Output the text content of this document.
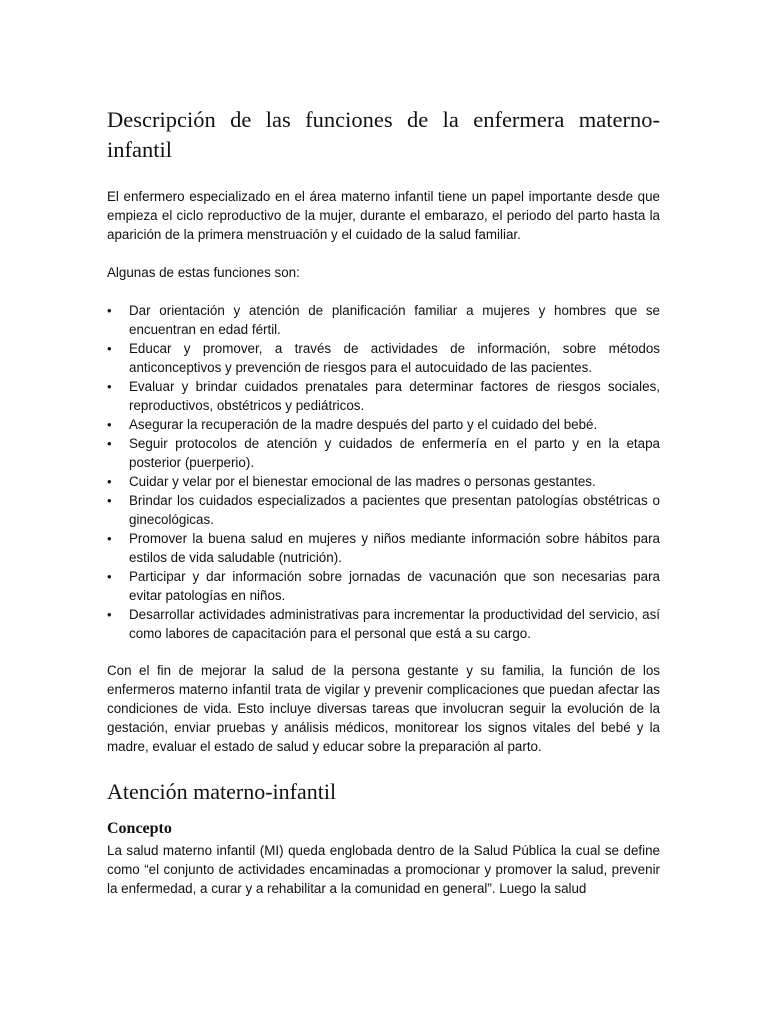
Descripción de las funciones de la enfermera materno-infantil

El enfermero especializado en el área materno infantil tiene un papel importante desde que empieza el ciclo reproductivo de la mujer, durante el embarazo, el periodo del parto hasta la aparición de la primera menstruación y el cuidado de la salud familiar.

Algunas de estas funciones son:

• Dar orientación y atención de planificación familiar a mujeres y hombres que se encuentran en edad fértil.
• Educar y promover, a través de actividades de información, sobre métodos anticonceptivos y prevención de riesgos para el autocuidado de las pacientes.
• Evaluar y brindar cuidados prenatales para determinar factores de riesgos sociales, reproductivos, obstétricos y pediátricos.
• Asegurar la recuperación de la madre después del parto y el cuidado del bebé.
• Seguir protocolos de atención y cuidados de enfermería en el parto y en la etapa posterior (puerperio).
• Cuidar y velar por el bienestar emocional de las madres o personas gestantes.
• Brindar los cuidados especializados a pacientes que presentan patologías obstétricas o ginecológicas.
• Promover la buena salud en mujeres y niños mediante información sobre hábitos para estilos de vida saludable (nutrición).
• Participar y dar información sobre jornadas de vacunación que son necesarias para evitar patologías en niños.
• Desarrollar actividades administrativas para incrementar la productividad del servicio, así como labores de capacitación para el personal que está a su cargo.

Con el fin de mejorar la salud de la persona gestante y su familia, la función de los enfermeros materno infantil trata de vigilar y prevenir complicaciones que puedan afectar las condiciones de vida. Esto incluye diversas tareas que involucran seguir la evolución de la gestación, enviar pruebas y análisis médicos, monitorear los signos vitales del bebé y la madre, evaluar el estado de salud y educar sobre la preparación al parto.

Atención materno-infantil
Concepto

La salud materno infantil (MI) queda englobada dentro de la Salud Pública la cual se define como “el conjunto de actividades encaminadas a promocionar y promover la salud, prevenir la enfermedad, a curar y a rehabilitar a la comunidad en general”. Luego la salud
